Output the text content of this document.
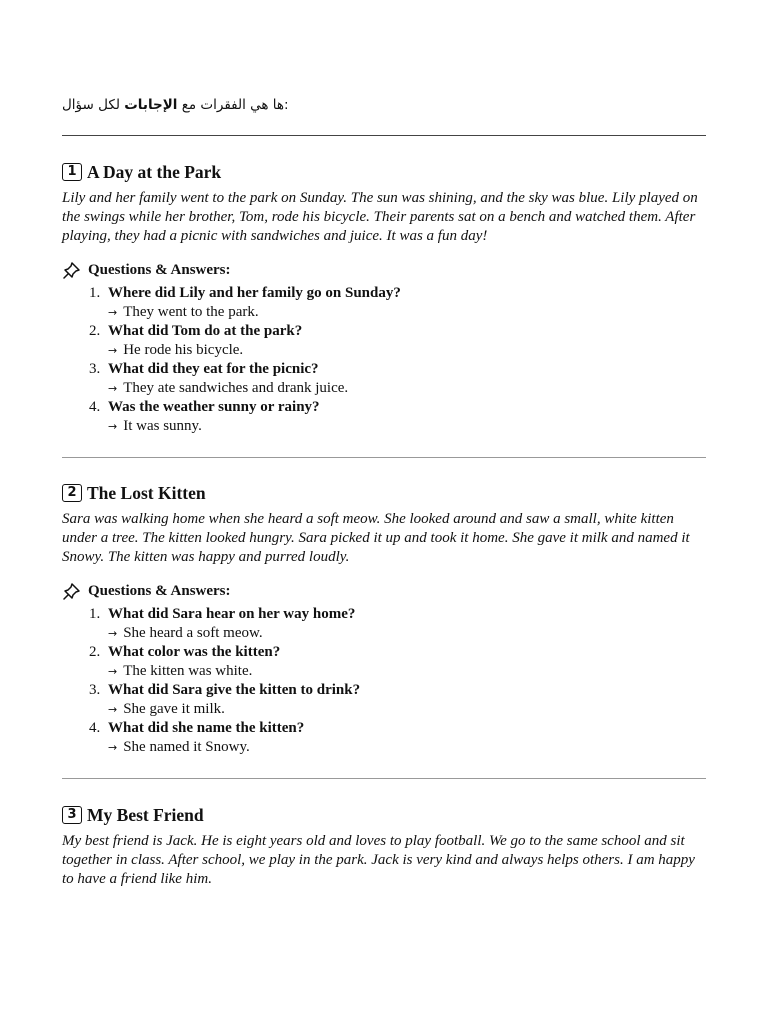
ها هي الفقرات مع الإجابات لكل سؤال:
1 A Day at the Park
Lily and her family went to the park on Sunday. The sun was shining, and the sky was blue. Lily played on the swings while her brother, Tom, rode his bicycle. Their parents sat on a bench and watched them. After playing, they had a picnic with sandwiches and juice. It was a fun day!
Questions & Answers:
1. Where did Lily and her family go on Sunday?
→ They went to the park.
2. What did Tom do at the park?
→ He rode his bicycle.
3. What did they eat for the picnic?
→ They ate sandwiches and drank juice.
4. Was the weather sunny or rainy?
→ It was sunny.
2 The Lost Kitten
Sara was walking home when she heard a soft meow. She looked around and saw a small, white kitten under a tree. The kitten looked hungry. Sara picked it up and took it home. She gave it milk and named it Snowy. The kitten was happy and purred loudly.
Questions & Answers:
1. What did Sara hear on her way home?
→ She heard a soft meow.
2. What color was the kitten?
→ The kitten was white.
3. What did Sara give the kitten to drink?
→ She gave it milk.
4. What did she name the kitten?
→ She named it Snowy.
3 My Best Friend
My best friend is Jack. He is eight years old and loves to play football. We go to the same school and sit together in class. After school, we play in the park. Jack is very kind and always helps others. I am happy to have a friend like him.
